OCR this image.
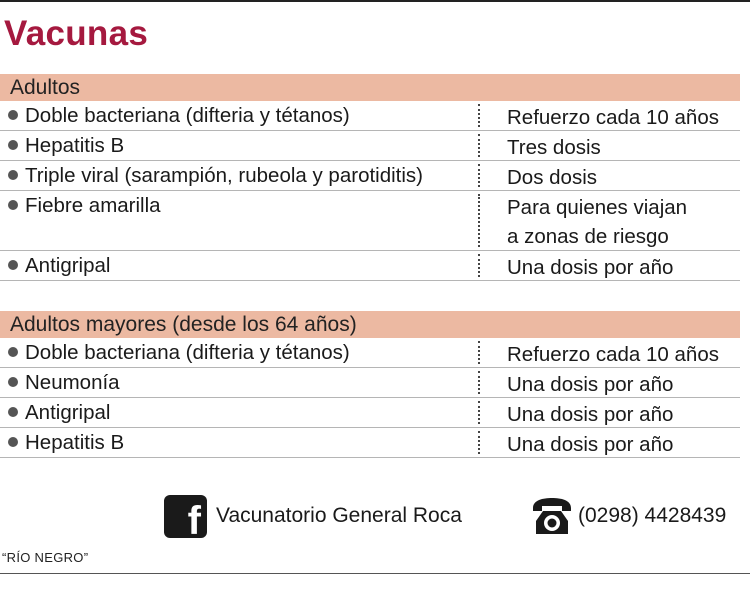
Vacunas
Adultos
Doble bacteriana (difteria y tétanos)	Refuerzo cada 10 años
Hepatitis B	Tres dosis
Triple viral (sarampión, rubeola y parotiditis)	Dos dosis
Fiebre amarilla	Para quienes viajan
a zonas de riesgo
Antigripal	Una dosis por año
Adultos mayores (desde los 64 años)
Doble bacteriana (difteria y tétanos)	Refuerzo cada 10 años
Neumonía	Una dosis por año
Antigripal	Una dosis por año
Hepatitis B	Una dosis por año
f Vacunatorio General Roca	(0298) 4428439
“RÍO NEGRO”
